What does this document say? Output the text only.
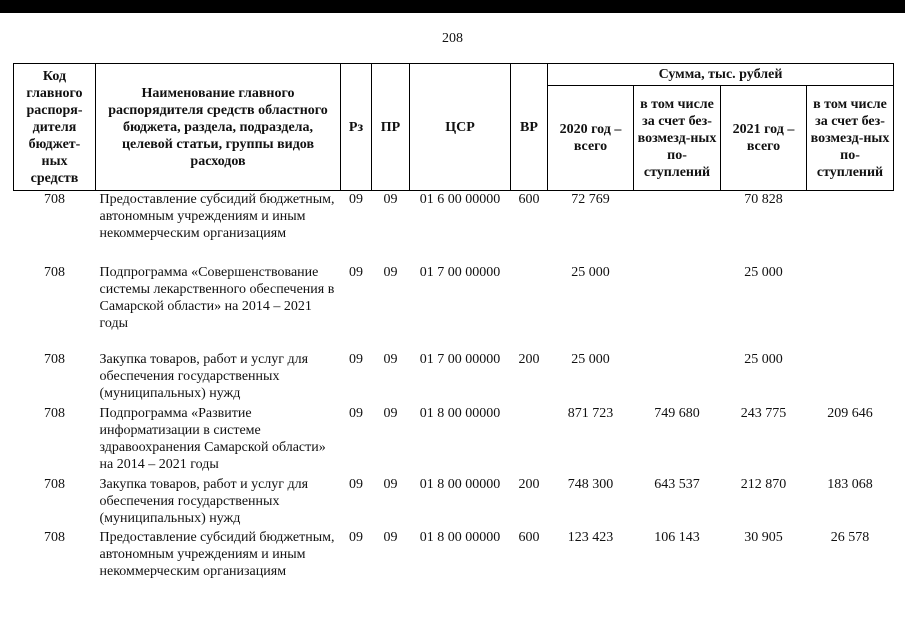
208
Код главного распоря-дителя бюджет-ных средств	Наименование главного распорядителя средств областного бюджета, раздела, подраздела, целевой статьи, группы видов расходов	Рз	ПР	ЦСР	ВР	Сумма, тыс. рублей			
						2020 год – всего	в том числе за счет без-возмезд-ных по-ступлений	2021 год – всего	в том числе за счет без-возмезд-ных по-ступлений
708	Предоставление субсидий бюджетным, автономным учреждениям и иным некоммерческим организациям	09	09	01 6 00 00000	600	72 769		70 828	
708	Подпрограмма «Совершенствование системы лекарственного обеспечения в Самарской области» на 2014 – 2021 годы	09	09	01 7 00 00000		25 000		25 000	
708	Закупка товаров, работ и услуг для обеспечения государственных (муниципальных) нужд	09	09	01 7 00 00000	200	25 000		25 000	
708	Подпрограмма «Развитие информатизации в системе здравоохранения Самарской области» на 2014 – 2021 годы	09	09	01 8 00 00000		871 723	749 680	243 775	209 646
708	Закупка товаров, работ и услуг для обеспечения государственных (муниципальных) нужд	09	09	01 8 00 00000	200	748 300	643 537	212 870	183 068
708	Предоставление субсидий бюджетным, автономным учреждениям и иным некоммерческим организациям	09	09	01 8 00 00000	600	123 423	106 143	30 905	26 578
